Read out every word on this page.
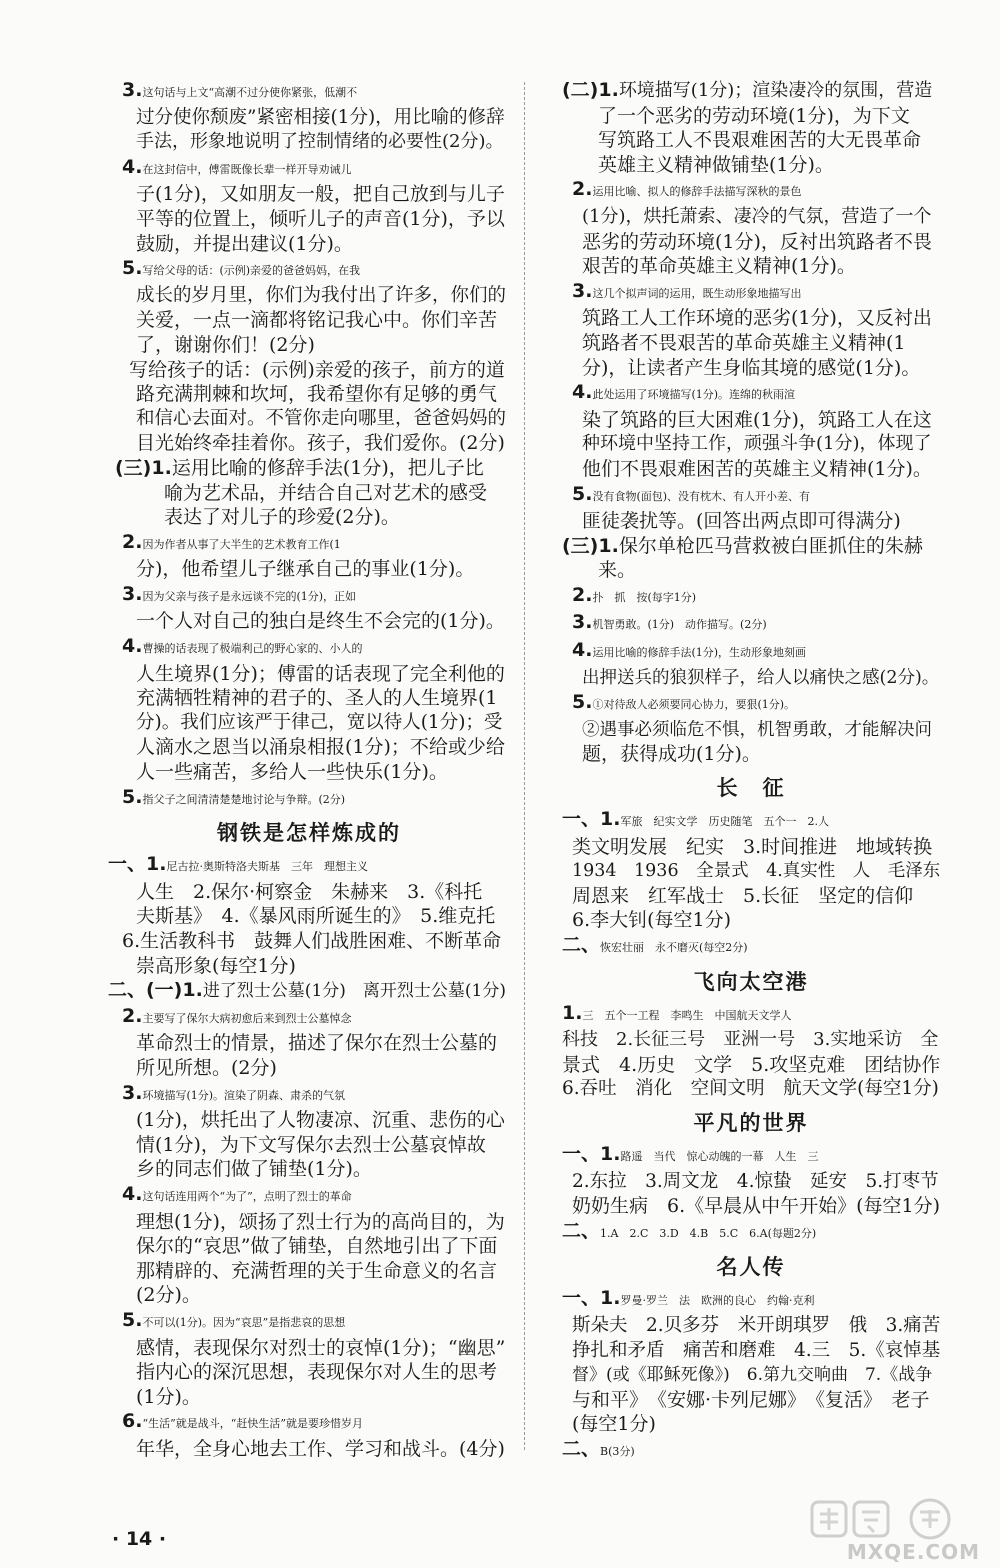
3. 这句话与上文“高潮不过分使你紧张，低潮不
过分使你颓废”紧密相接(1分)，用比喻的修辞
手法，形象地说明了控制情绪的必要性(2分)。
4. 在这封信中，傅雷既像长辈一样开导劝诫儿
子(1分)，又如朋友一般，把自己放到与儿子
平等的位置上，倾听儿子的声音(1分)，予以
鼓励，并提出建议(1分)。
5. 写给父母的话：(示例)亲爱的爸爸妈妈，在我
成长的岁月里，你们为我付出了许多，你们的
关爱，一点一滴都将铭记我心中。你们辛苦
了，谢谢你们！(2分)
写给孩子的话：(示例)亲爱的孩子，前方的道
路充满荆棘和坎坷，我希望你有足够的勇气
和信心去面对。不管你走向哪里，爸爸妈妈的
目光始终牵挂着你。孩子，我们爱你。(2分)
(三)1. 运用比喻的修辞手法(1分)，把儿子比
喻为艺术品，并结合自己对艺术的感受
表达了对儿子的珍爱(2分)。
2. 因为作者从事了大半生的艺术教育工作(1
分)，他希望儿子继承自己的事业(1分)。
3. 因为父亲与孩子是永远谈不完的(1分)，正如
一个人对自己的独白是终生不会完的(1分)。
4. 曹操的话表现了极端利己的野心家的、小人的
人生境界(1分)；傅雷的话表现了完全利他的
充满牺牲精神的君子的、圣人的人生境界(1
分)。我们应该严于律己，宽以待人(1分)；受
人滴水之恩当以涌泉相报(1分)；不给或少给
人一些痛苦，多给人一些快乐(1分)。
5. 指父子之间清清楚楚地讨论与争辩。(2分)
钢铁是怎样炼成的
一、1. 尼古拉·奥斯特洛夫斯基　三年　理想主义
人生　2.保尔·柯察金　朱赫来　3.《科托
夫斯基》　4.《暴风雨所诞生的》　5.维克托
6.生活教科书　鼓舞人们战胜困难、不断革命
崇高形象(每空1分)
二、(一)1. 进了烈士公墓(1分)　离开烈士公墓(1分)
2. 主要写了保尔大病初愈后来到烈士公墓悼念
革命烈士的情景，描述了保尔在烈士公墓的
所见所想。(2分)
3. 环境描写(1分)。渲染了阴森、肃杀的气氛
(1分)，烘托出了人物凄凉、沉重、悲伤的心
情(1分)，为下文写保尔去烈士公墓哀悼故
乡的同志们做了铺垫(1分)。
4. 这句话连用两个“为了”，点明了烈士的革命
理想(1分)，颂扬了烈士行为的高尚目的，为
保尔的“哀思”做了铺垫，自然地引出了下面
那精辟的、充满哲理的关于生命意义的名言
(2分)。
5. 不可以(1分)。因为“哀思”是指悲哀的思想
感情，表现保尔对烈士的哀悼(1分)；“幽思”
指内心的深沉思想，表现保尔对人生的思考
(1分)。
6. “生活”就是战斗，“赶快生活”就是要珍惜岁月
年华，全身心地去工作、学习和战斗。(4分)
(二)1. 环境描写(1分)；渲染凄冷的氛围，营造
了一个恶劣的劳动环境(1分)，为下文
写筑路工人不畏艰难困苦的大无畏革命
英雄主义精神做铺垫(1分)。
2. 运用比喻、拟人的修辞手法描写深秋的景色
(1分)，烘托萧索、凄冷的气氛，营造了一个
恶劣的劳动环境(1分)，反衬出筑路者不畏
艰苦的革命英雄主义精神(1分)。
3. 这几个拟声词的运用，既生动形象地描写出
筑路工人工作环境的恶劣(1分)，又反衬出
筑路者不畏艰苦的革命英雄主义精神(1
分)，让读者产生身临其境的感觉(1分)。
4. 此处运用了环境描写(1分)。连绵的秋雨渲
染了筑路的巨大困难(1分)，筑路工人在这
种环境中坚持工作，顽强斗争(1分)，体现了
他们不畏艰难困苦的英雄主义精神(1分)。
5. 没有食物(面包)、没有枕木、有人开小差、有
匪徒袭扰等。(回答出两点即可得满分)
(三)1. 保尔单枪匹马营救被白匪抓住的朱赫
来。
2. 扑　抓　按(每字1分)
3. 机智勇敢。(1分)　动作描写。(2分)
4. 运用比喻的修辞手法(1分)，生动形象地刻画
出押送兵的狼狈样子，给人以痛快之感(2分)。
5. ①对待敌人必须要同心协力，要狠(1分)。
②遇事必须临危不惧，机智勇敢，才能解决问
题，获得成功(1分)。
长　征
一、1. 军旅　纪实文学　历史随笔　五个一　2.人
类文明发展　纪实　3.时间推进　地域转换
1934　1936　全景式　4.真实性　人　毛泽东
周恩来　红军战士　5.长征　坚定的信仰
6.李大钊(每空1分)
二、 恢宏壮丽　永不磨灭(每空2分)
飞向太空港
1. 三　五个一工程　李鸣生　中国航天文学人
科技　2.长征三号　亚洲一号　3.实地采访　全
景式　4.历史　文学　5.攻坚克难　团结协作
6.吞吐　消化　空间文明　航天文学(每空1分)
平凡的世界
一、1. 路遥　当代　惊心动魄的一幕　人生　三
2.东拉　3.周文龙　4.惊蛰　延安　5.打枣节
奶奶生病　6.《早晨从中午开始》(每空1分)
二、 1.A　2.C　3.D　4.B　5.C　6.A(每题2分)
名人传
一、1. 罗曼·罗兰　法　欧洲的良心　约翰·克利
斯朵夫　2.贝多芬　米开朗琪罗　俄　3.痛苦
挣扎和矛盾　痛苦和磨难　4.三　5.《哀悼基
督》(或《耶稣死像》)　6.第九交响曲　7.《战争
与和平》　《安娜·卡列尼娜》　《复活》　老子
(每空1分)
二、 B(3分)
· 14 ·
MXQE.COM
